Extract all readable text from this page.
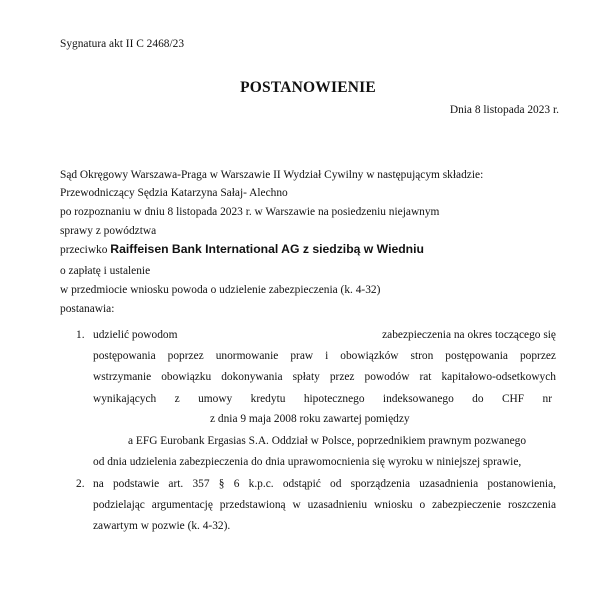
Sygnatura akt II C 2468/23
POSTANOWIENIE
Dnia 8 listopada 2023 r.
Sąd Okręgowy Warszawa-Praga w Warszawie II Wydział Cywilny w następującym składzie:
Przewodniczący Sędzia Katarzyna Sałaj- Alechno
po rozpoznaniu w dniu 8 listopada 2023 r. w Warszawie na posiedzeniu niejawnym
sprawy z powództwa
przeciwko Raiffeisen Bank International AG z siedzibą w Wiedniu
o zapłatę i ustalenie
w przedmiocie wniosku powoda o udzielenie zabezpieczenia (k. 4-32)
postanawia:
1. udzielić powodom	zabezpieczenia na okres toczącego się
postępowania poprzez unormowanie praw i obowiązków stron postępowania poprzez
wstrzymanie obowiązku dokonywania spłaty przez powodów rat kapitałowo-odsetkowych
wynikających z umowy kredytu hipotecznego indeksowanego do CHF nr
z dnia 9 maja 2008 roku zawartej pomiędzy
a EFG Eurobank Ergasias S.A. Oddział w Polsce, poprzednikiem prawnym pozwanego
od dnia udzielenia zabezpieczenia do dnia uprawomocnienia się wyroku w niniejszej sprawie,
2. na podstawie art. 357 § 6 k.p.c. odstąpić od sporządzenia uzasadnienia postanowienia,
podzielając argumentację przedstawioną w uzasadnieniu wniosku o zabezpieczenie roszczenia
zawartym w pozwie (k. 4-32).
